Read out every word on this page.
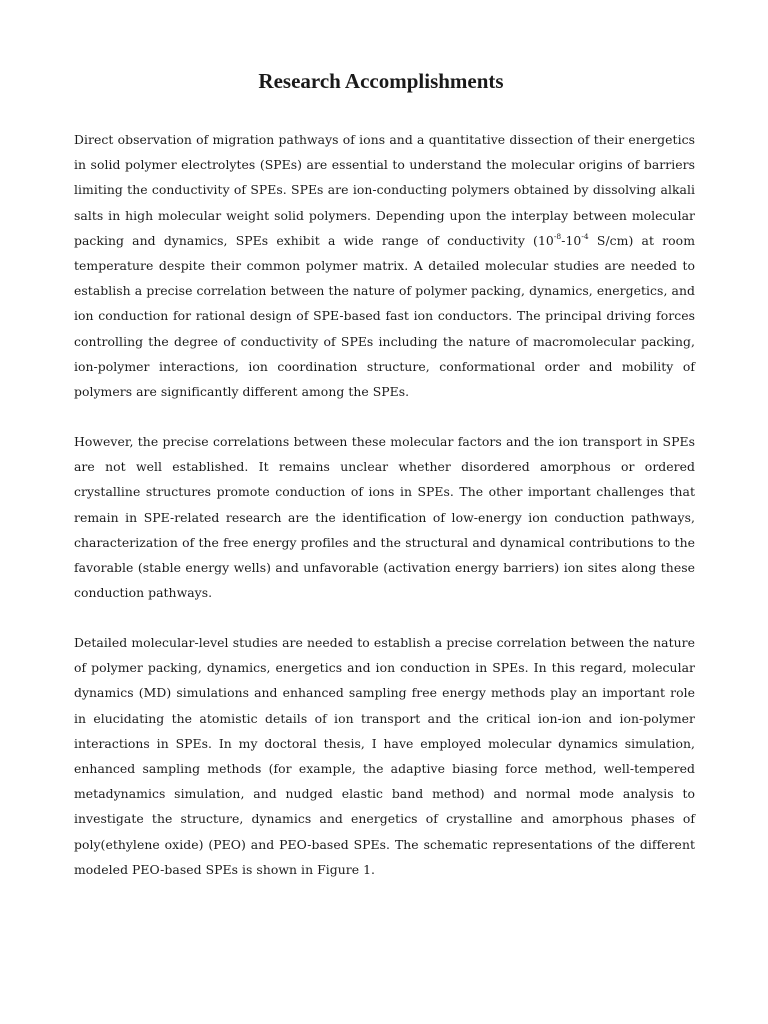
Research Accomplishments

Direct observation of migration pathways of ions and a quantitative dissection of their energetics in solid polymer electrolytes (SPEs) are essential to understand the molecular origins of barriers limiting the conductivity of SPEs. SPEs are ion-conducting polymers obtained by dissolving alkali salts in high molecular weight solid polymers. Depending upon the interplay between molecular packing and dynamics, SPEs exhibit a wide range of conductivity ($10^{-8}-10^{-4}$ S/cm) at room temperature despite their common polymer matrix. A detailed molecular studies are needed to establish a precise correlation between the nature of polymer packing, dynamics, energetics, and ion conduction for rational design of SPE-based fast ion conductors. The principal driving forces controlling the degree of conductivity of SPEs including the nature of macromolecular packing, ion-polymer interactions, ion coordination structure, conformational order and mobility of polymers are significantly different among the SPEs.

However, the precise correlations between these molecular factors and the ion transport in SPEs are not well established. It remains unclear whether disordered amorphous or ordered crystalline structures promote conduction of ions in SPEs. The other important challenges that remain in SPE-related research are the identification of low-energy ion conduction pathways, characterization of the free energy profiles and the structural and dynamical contributions to the favorable (stable energy wells) and unfavorable (activation energy barriers) ion sites along these conduction pathways.

Detailed molecular-level studies are needed to establish a precise correlation between the nature of polymer packing, dynamics, energetics and ion conduction in SPEs. In this regard, molecular dynamics (MD) simulations and enhanced sampling free energy methods play an important role in elucidating the atomistic details of ion transport and the critical ion-ion and ion-polymer interactions in SPEs. In my doctoral thesis, I have employed molecular dynamics simulation, enhanced sampling methods (for example, the adaptive biasing force method, well-tempered metadynamics simulation, and nudged elastic band method) and normal mode analysis to investigate the structure, dynamics and energetics of crystalline and amorphous phases of poly(ethylene oxide) (PEO) and PEO-based SPEs. The schematic representations of the different modeled PEO-based SPEs is shown in Figure 1.
